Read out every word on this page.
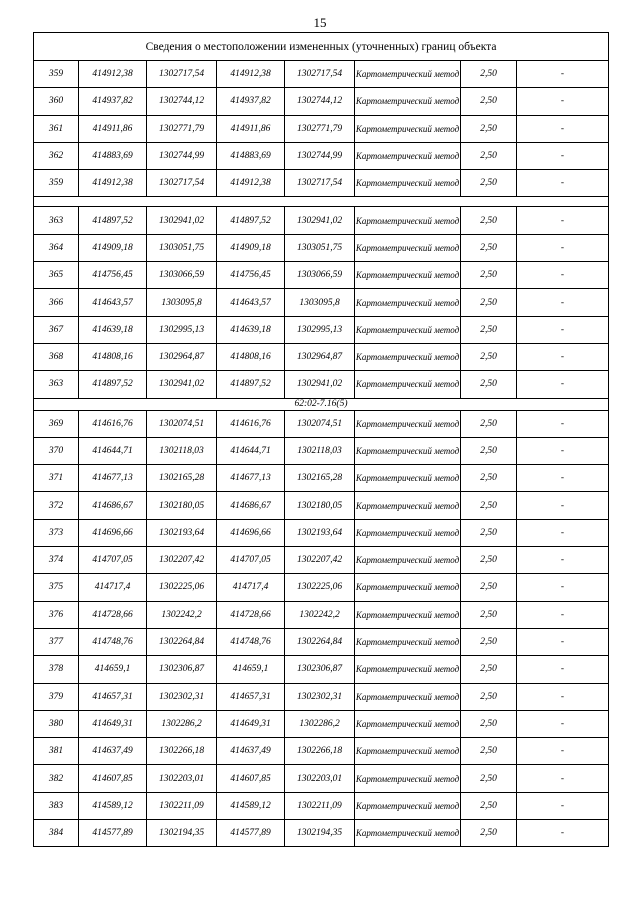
15
Сведения о местоположении измененных (уточненных) границ объекта							
359	414912,38	1302717,54	414912,38	1302717,54	Картометрический метод	2,50	-
360	414937,82	1302744,12	414937,82	1302744,12	Картометрический метод	2,50	-
361	414911,86	1302771,79	414911,86	1302771,79	Картометрический метод	2,50	-
362	414883,69	1302744,99	414883,69	1302744,99	Картометрический метод	2,50	-
359	414912,38	1302717,54	414912,38	1302717,54	Картометрический метод	2,50	-

363	414897,52	1302941,02	414897,52	1302941,02	Картометрический метод	2,50	-
364	414909,18	1303051,75	414909,18	1303051,75	Картометрический метод	2,50	-
365	414756,45	1303066,59	414756,45	1303066,59	Картометрический метод	2,50	-
366	414643,57	1303095,8	414643,57	1303095,8	Картометрический метод	2,50	-
367	414639,18	1302995,13	414639,18	1302995,13	Картометрический метод	2,50	-
368	414808,16	1302964,87	414808,16	1302964,87	Картометрический метод	2,50	-
363	414897,52	1302941,02	414897,52	1302941,02	Картометрический метод	2,50	-
62:02-7.16(5)							
369	414616,76	1302074,51	414616,76	1302074,51	Картометрический метод	2,50	-
370	414644,71	1302118,03	414644,71	1302118,03	Картометрический метод	2,50	-
371	414677,13	1302165,28	414677,13	1302165,28	Картометрический метод	2,50	-
372	414686,67	1302180,05	414686,67	1302180,05	Картометрический метод	2,50	-
373	414696,66	1302193,64	414696,66	1302193,64	Картометрический метод	2,50	-
374	414707,05	1302207,42	414707,05	1302207,42	Картометрический метод	2,50	-
375	414717,4	1302225,06	414717,4	1302225,06	Картометрический метод	2,50	-
376	414728,66	1302242,2	414728,66	1302242,2	Картометрический метод	2,50	-
377	414748,76	1302264,84	414748,76	1302264,84	Картометрический метод	2,50	-
378	414659,1	1302306,87	414659,1	1302306,87	Картометрический метод	2,50	-
379	414657,31	1302302,31	414657,31	1302302,31	Картометрический метод	2,50	-
380	414649,31	1302286,2	414649,31	1302286,2	Картометрический метод	2,50	-
381	414637,49	1302266,18	414637,49	1302266,18	Картометрический метод	2,50	-
382	414607,85	1302203,01	414607,85	1302203,01	Картометрический метод	2,50	-
383	414589,12	1302211,09	414589,12	1302211,09	Картометрический метод	2,50	-
384	414577,89	1302194,35	414577,89	1302194,35	Картометрический метод	2,50	-
